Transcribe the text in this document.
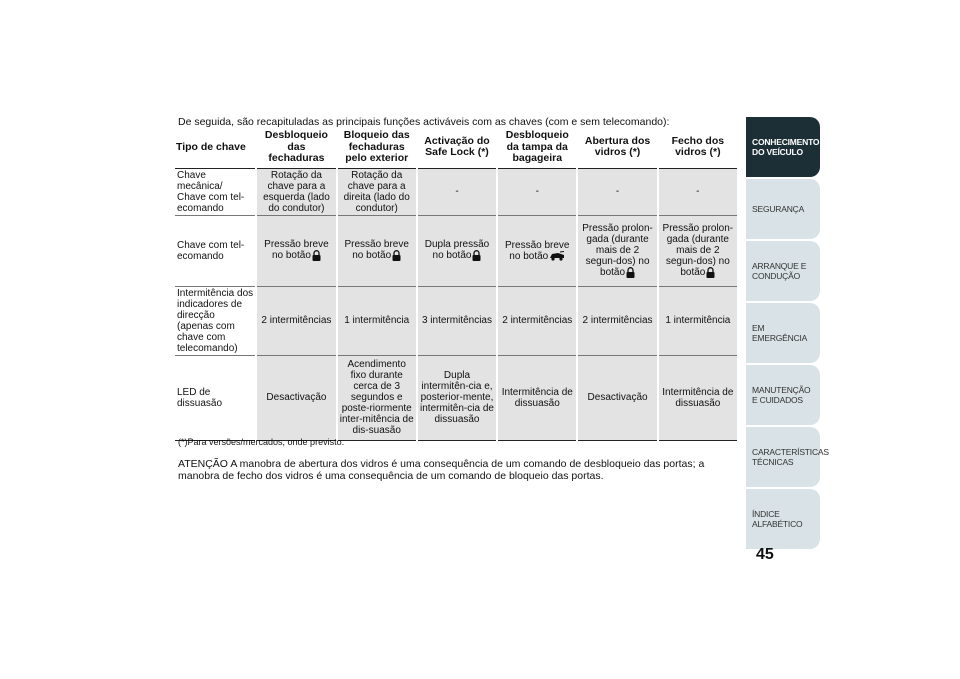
De seguida, são recapituladas as principais funções activáveis com as chaves (com e sem telecomando):
Tipo de chave	Desbloqueio das fechaduras	Bloqueio das fechaduras pelo exterior	Activação do Safe Lock (*)	Desbloqueio da tampa da bagageira	Abertura dos vidros (*)	Fecho dos vidros (*)
Chave mecânica/ Chave com tel-ecomando	Rotação da chave para a esquerda (lado do condutor)	Rotação da chave para a direita (lado do condutor)	-	-	-	-
Chave com tel-ecomando	Pressão breve no botão	Pressão breve no botão	Dupla pressão no botão	Pressão breve no botão	Pressão prolon-gada (durante mais de 2 segun-dos) no botão	Pressão prolon-gada (durante mais de 2 segun-dos) no botão
Intermitência dos indicadores de direcção (apenas com chave com telecomando)	2 intermitências	1 intermitência	3 intermitências	2 intermitências	2 intermitências	1 intermitência
LED de dissuasão	Desactivação	Acendimento fixo durante cerca de 3 segundos e poste-riormente inter-mitência de dis-suasão	Dupla intermitên-cia e, posterior-mente, intermitên-cia de dissuasão	Intermitência de dissuasão	Desactivação	Intermitência de dissuasão
(*)Para versões/mercados, onde previsto.
ATENÇÃO A manobra de abertura dos vidros é uma consequência de um comando de desbloqueio das portas; a manobra de fecho dos vidros é uma consequência de um comando de bloqueio das portas.
CONHECIMENTO DO VEÍCULO
SEGURANÇA
ARRANQUE E CONDUÇÃO
EM EMERGÊNCIA
MANUTENÇÃO E CUIDADOS
CARACTERÍSTICAS TÉCNICAS
ÍNDICE ALFABÉTICO
45
